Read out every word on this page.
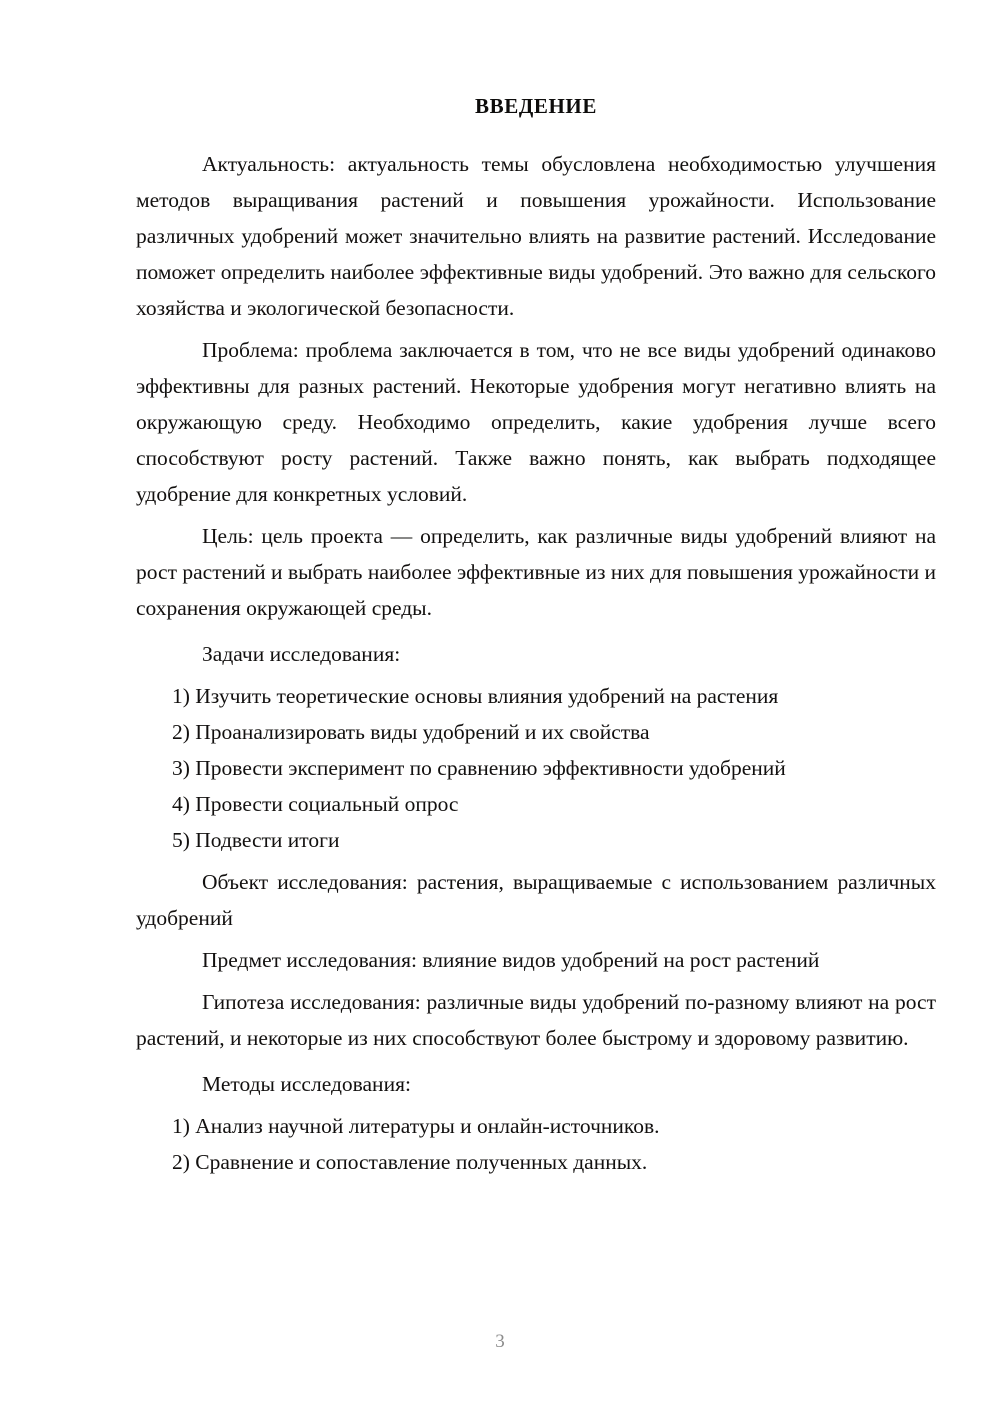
ВВЕДЕНИЕ

Актуальность: актуальность темы обусловлена необходимостью улучшения методов выращивания растений и повышения урожайности. Использование различных удобрений может значительно влиять на развитие растений. Исследование поможет определить наиболее эффективные виды удобрений. Это важно для сельского хозяйства и экологической безопасности.

Проблема: проблема заключается в том, что не все виды удобрений одинаково эффективны для разных растений. Некоторые удобрения могут негативно влиять на окружающую среду. Необходимо определить, какие удобрения лучше всего способствуют росту растений. Также важно понять, как выбрать подходящее удобрение для конкретных условий.

Цель: цель проекта — определить, как различные виды удобрений влияют на рост растений и выбрать наиболее эффективные из них для повышения урожайности и сохранения окружающей среды.

Задачи исследования:

1) Изучить теоретические основы влияния удобрений на растения
2) Проанализировать виды удобрений и их свойства
3) Провести эксперимент по сравнению эффективности удобрений
4) Провести социальный опрос
5) Подвести итоги

Объект исследования: растения, выращиваемые с использованием различных удобрений

Предмет исследования: влияние видов удобрений на рост растений

Гипотеза исследования: различные виды удобрений по-разному влияют на рост растений, и некоторые из них способствуют более быстрому и здоровому развитию.

Методы исследования:

1) Анализ научной литературы и онлайн-источников.
2) Сравнение и сопоставление полученных данных.
3
